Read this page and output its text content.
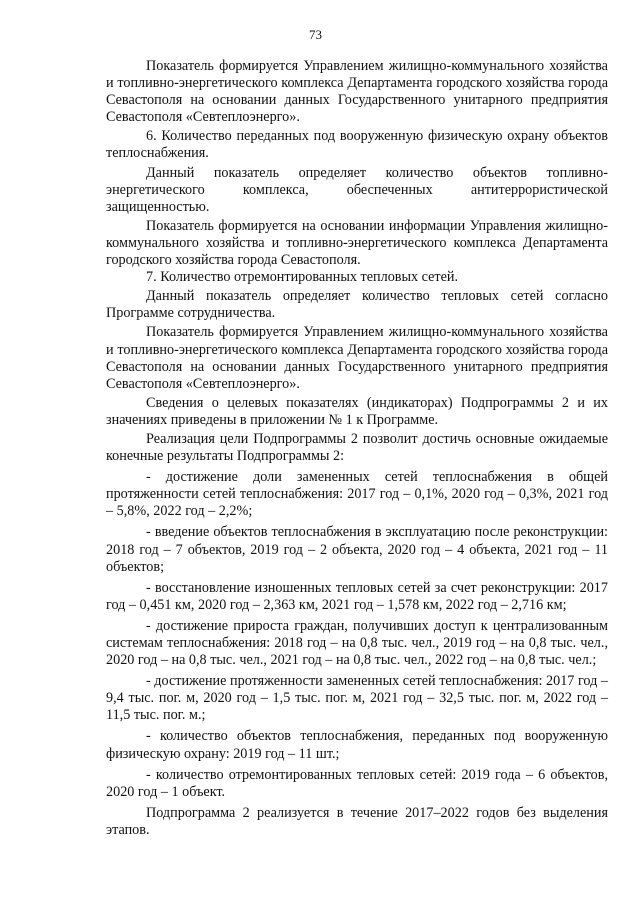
73

Показатель формируется Управлением жилищно-коммунального хозяйства и топливно-энергетического комплекса Департамента городского хозяйства города Севастополя на основании данных Государственного унитарного предприятия Севастополя «Севтеплоэнерго».

6. Количество переданных под вооруженную физическую охрану объектов теплоснабжения.

Данный показатель определяет количество объектов топливно-энергетического комплекса, обеспеченных антитеррористической защищенностью.

Показатель формируется на основании информации Управления жилищно-коммунального хозяйства и топливно-энергетического комплекса Департамента городского хозяйства города Севастополя.

7. Количество отремонтированных тепловых сетей.

Данный показатель определяет количество тепловых сетей согласно Программе сотрудничества.

Показатель формируется Управлением жилищно-коммунального хозяйства и топливно-энергетического комплекса Департамента городского хозяйства города Севастополя на основании данных Государственного унитарного предприятия Севастополя «Севтеплоэнерго».

Сведения о целевых показателях (индикаторах) Подпрограммы 2 и их значениях приведены в приложении № 1 к Программе.

Реализация цели Подпрограммы 2 позволит достичь основные ожидаемые конечные результаты Подпрограммы 2:

- достижение доли замененных сетей теплоснабжения в общей протяженности сетей теплоснабжения: 2017 год – 0,1%, 2020 год – 0,3%, 2021 год – 5,8%, 2022 год – 2,2%;

- введение объектов теплоснабжения в эксплуатацию после реконструкции: 2018 год – 7 объектов, 2019 год – 2 объекта, 2020 год – 4 объекта, 2021 год – 11 объектов;

- восстановление изношенных тепловых сетей за счет реконструкции: 2017 год – 0,451 км, 2020 год – 2,363 км, 2021 год – 1,578 км, 2022 год – 2,716 км;

- достижение прироста граждан, получивших доступ к централизованным системам теплоснабжения: 2018 год – на 0,8 тыс. чел., 2019 год – на 0,8 тыс. чел., 2020 год – на 0,8 тыс. чел., 2021 год – на 0,8 тыс. чел., 2022 год – на 0,8 тыс. чел.;

- достижение протяженности замененных сетей теплоснабжения: 2017 год – 9,4 тыс. пог. м, 2020 год – 1,5 тыс. пог. м, 2021 год – 32,5 тыс. пог. м, 2022 год – 11,5 тыс. пог. м.;

- количество объектов теплоснабжения, переданных под вооруженную физическую охрану: 2019 год – 11 шт.;

- количество отремонтированных тепловых сетей: 2019 года – 6 объектов, 2020 год – 1 объект.

Подпрограмма 2 реализуется в течение 2017–2022 годов без выделения этапов.
